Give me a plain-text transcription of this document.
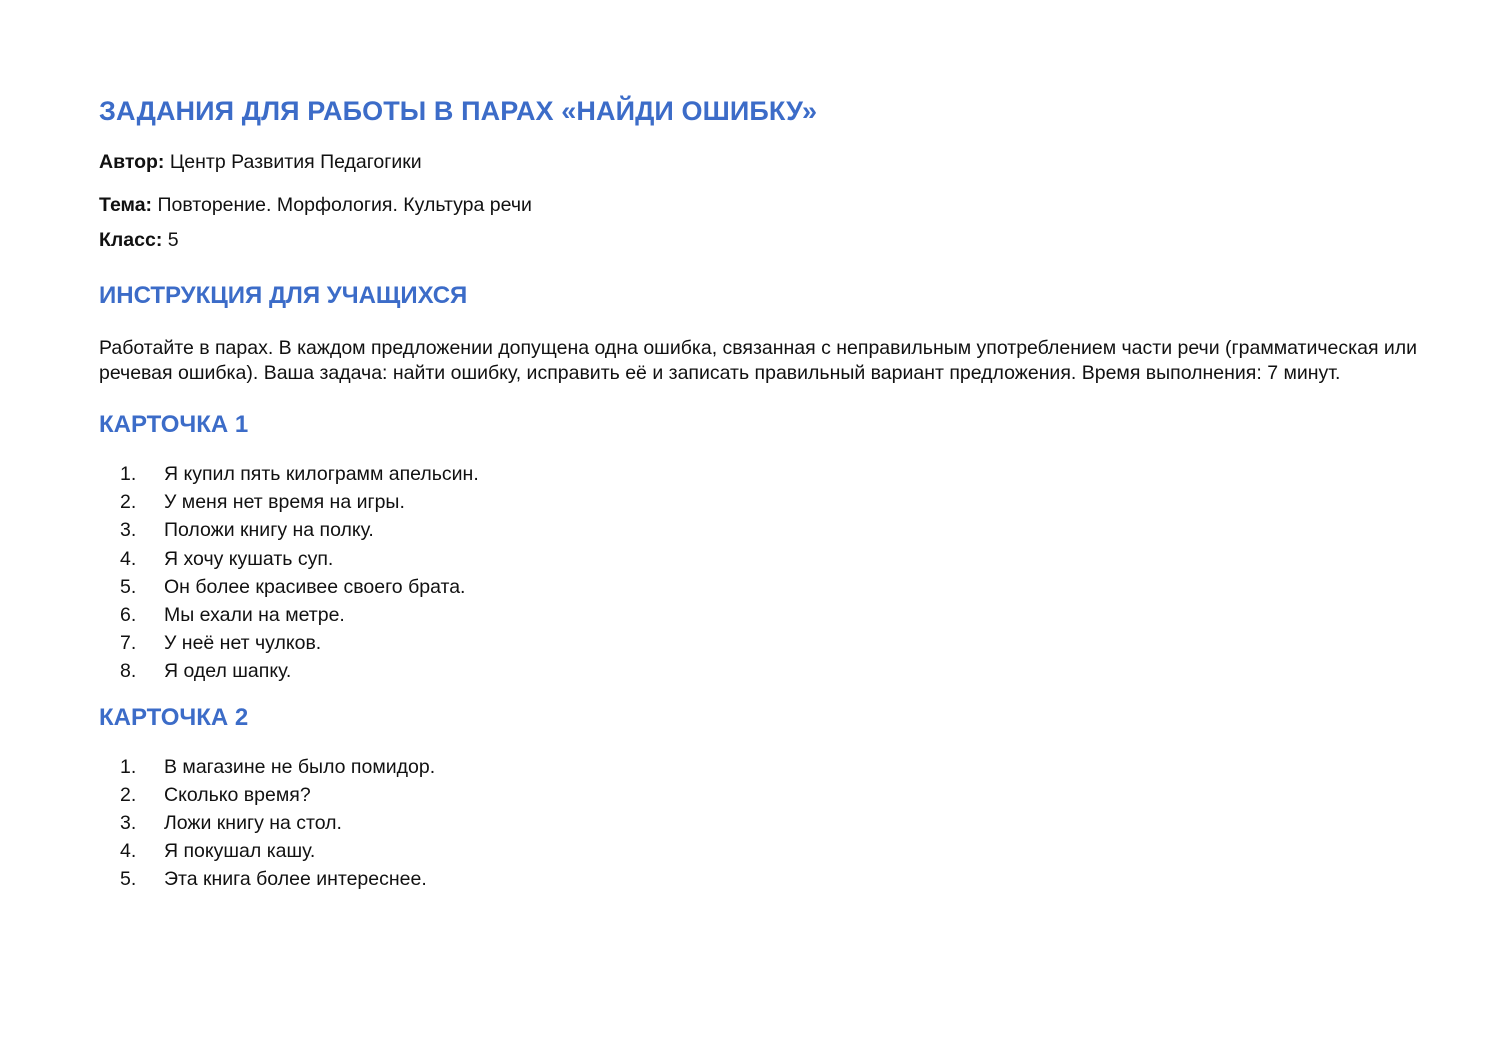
ЗАДАНИЯ ДЛЯ РАБОТЫ В ПАРАХ «НАЙДИ ОШИБКУ»

Автор: Центр Развития Педагогики

Тема: Повторение. Морфология. Культура речи

Класс: 5

ИНСТРУКЦИЯ ДЛЯ УЧАЩИХСЯ

Работайте в парах. В каждом предложении допущена одна ошибка, связанная с неправильным употреблением части речи (грамматическая или речевая ошибка). Ваша задача: найти ошибку, исправить её и записать правильный вариант предложения. Время выполнения: 7 минут.

КАРТОЧКА 1
1.	Я купил пять килограмм апельсин.
2.	У меня нет время на игры.
3.	Положи книгу на полку.
4.	Я хочу кушать суп.
5.	Он более красивее своего брата.
6.	Мы ехали на метре.
7.	У неё нет чулков.
8.	Я одел шапку.
КАРТОЧКА 2
1.	В магазине не было помидор.
2.	Сколько время?
3.	Ложи книгу на стол.
4.	Я покушал кашу.
5.	Эта книга более интереснее.
